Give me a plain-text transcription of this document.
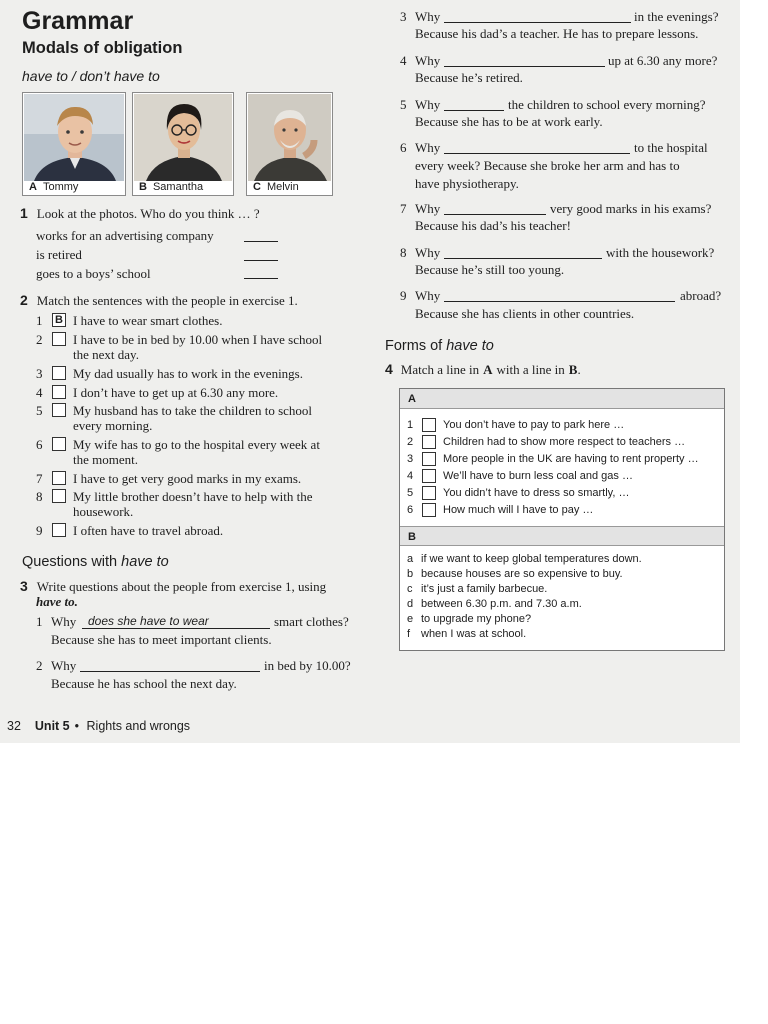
Grammar
Modals of obligation
have to / don’t have to
A Tommy	B Samantha	C Melvin
1 Look at the photos. Who do you think … ?
works for an advertising company
is retired
goes to a boys’ school
2 Match the sentences with the people in exercise 1.
1 B I have to wear smart clothes.
2 I have to be in bed by 10.00 when I have school
the next day.
3 My dad usually has to work in the evenings.
4 I don’t have to get up at 6.30 any more.
5 My husband has to take the children to school
every morning.
6 My wife has to go to the hospital every week at
the moment.
7 I have to get very good marks in my exams.
8 My little brother doesn’t have to help with the
housework.
9 I often have to travel abroad.
Questions with have to
3 Write questions about the people from exercise 1, using
have to.
1 Why does she have to wear	smart clothes?
Because she has to meet important clients.
2 Why	in bed by 10.00?
Because he has school the next day.
3 Why	in the evenings?
Because his dad’s a teacher. He has to prepare lessons.
4 Why	up at 6.30 any more?
Because he’s retired.
5 Why	the children to school every morning?
Because she has to be at work early.
6 Why	to the hospital
every week? Because she broke her arm and has to
have physiotherapy.
7 Why	very good marks in his exams?
Because his dad’s his teacher!
8 Why	with the housework?
Because he’s still too young.
9 Why	abroad?
Because she has clients in other countries.
Forms of have to
4 Match a line in A with a line in B.
A
1	You don’t have to pay to park here …
2	Children had to show more respect to teachers …
3	More people in the UK are having to rent property …
4	We’ll have to burn less coal and gas …
5	You didn’t have to dress so smartly, …
6	How much will I have to pay …
B
a if we want to keep global temperatures down.
b because houses are so expensive to buy.
c it’s just a family barbecue.
d between 6.30 p.m. and 7.30 a.m.
e to upgrade my phone?
f when I was at school.
32 Unit 5 • Rights and wrongs
